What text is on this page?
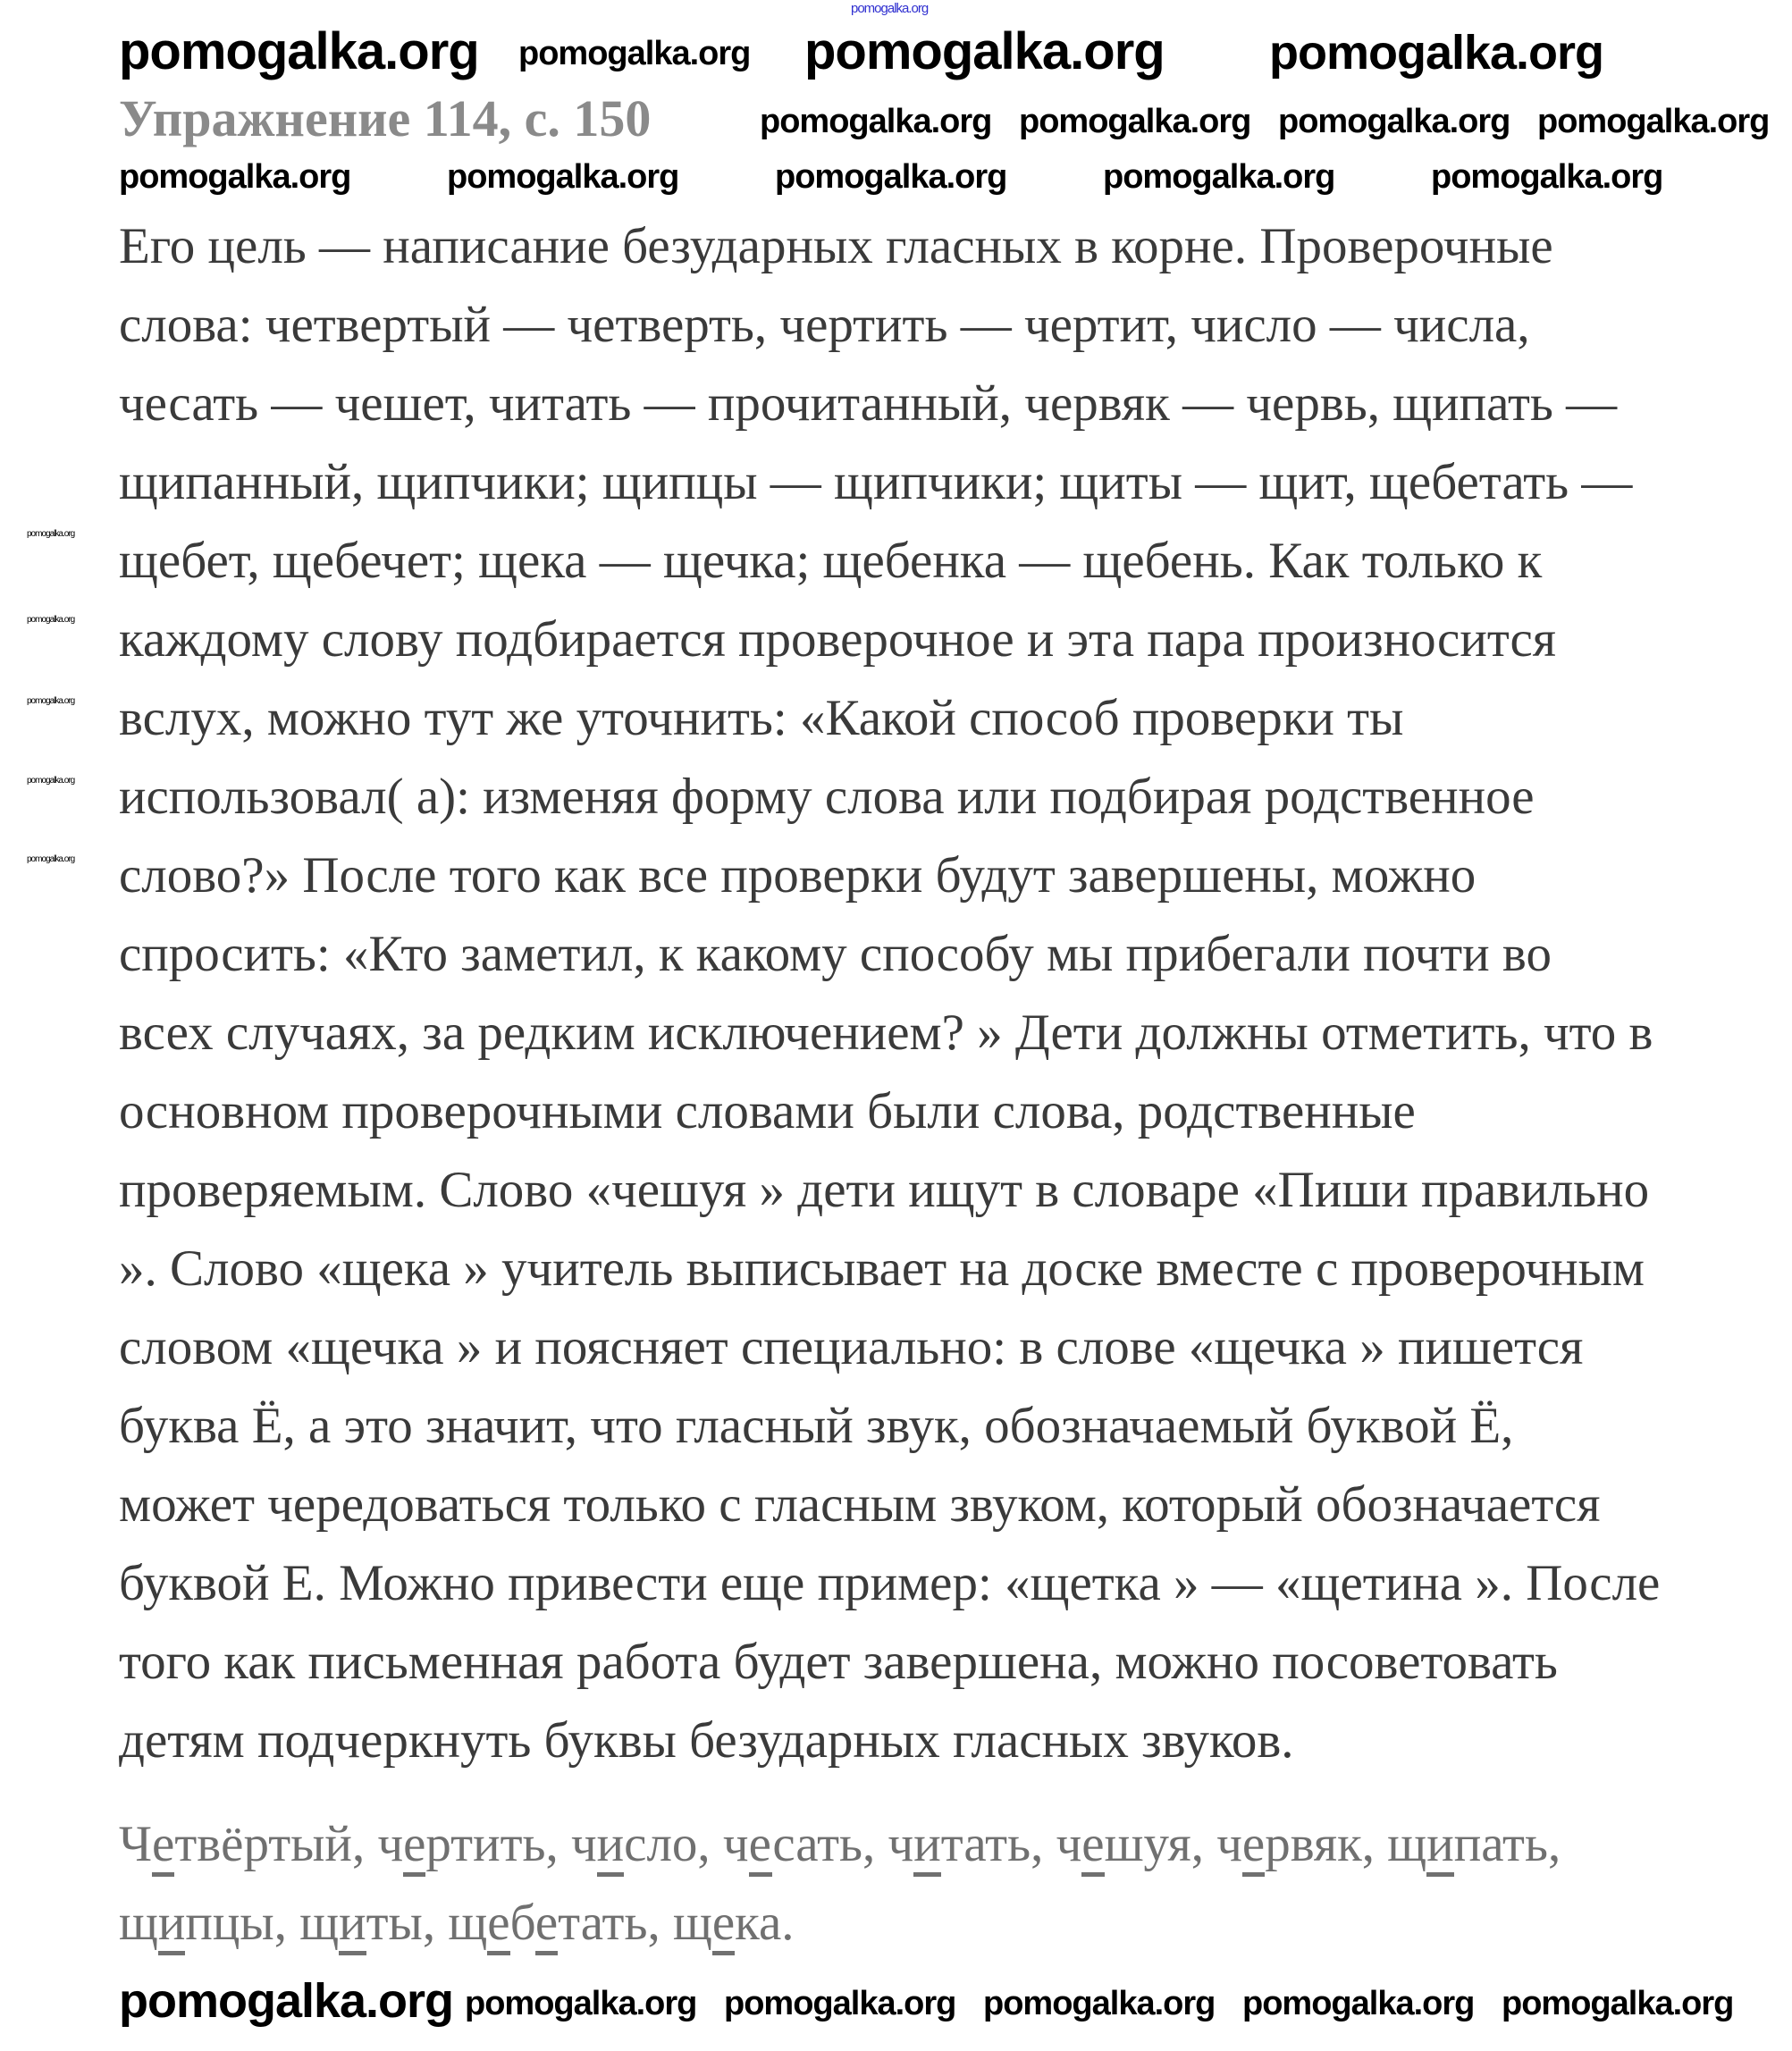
Упражнение 114, с. 150
Его цель — написание безударных гласных в корне. Проверочные
слова: четвертый — четверть, чертить — чертит, число — числа,
чесать — чешет, читать — прочитанный, червяк — червь, щипать —
щипанный, щипчики; щипцы — щипчики; щиты — щит, щебетать —
щебет, щебечет; щека — щечка; щебенка — щебень. Как только к
каждому слову подбирается проверочное и эта пара произносится
вслух, можно тут же уточнить: «Какой способ проверки ты
использовал( а): изменяя форму слова или подбирая родственное
слово?» После того как все проверки будут завершены, можно
спросить: «Кто заметил, к какому способу мы прибегали почти во
всех случаях, за редким исключением? » Дети должны отметить, что в
основном проверочными словами были слова, родственные
проверяемым. Слово «чешуя » дети ищут в словаре «Пиши правильно
». Слово «щека » учитель выписывает на доске вместе с проверочным
словом «щечка » и поясняет специально: в слове «щечка » пишется
буква Ё, а это значит, что гласный звук, обозначаемый буквой Ё,
может чередоваться только с гласным звуком, который обозначается
буквой Е. Можно привести еще пример: «щетка » — «щетина ». После
того как письменная работа будет завершена, можно посоветовать
детям подчеркнуть буквы безударных гласных звуков.
Четвёртый, чертить, число, чесать, читать, чешуя, червяк, щипать,
щипцы, щиты, щебетать, щека.
pomogalka.org
pomogalka.org pomogalka.org pomogalka.org pomogalka.org
pomogalka.org pomogalka.org pomogalka.org pomogalka.org
pomogalka.org	pomogalka.org	pomogalka.org	pomogalka.org	pomogalka.org
pomogalka.org
pomogalka.org
pomogalka.org
pomogalka.org
pomogalka.org
pomogalka.org pomogalka.org pomogalka.org pomogalka.org pomogalka.org pomogalka.org
